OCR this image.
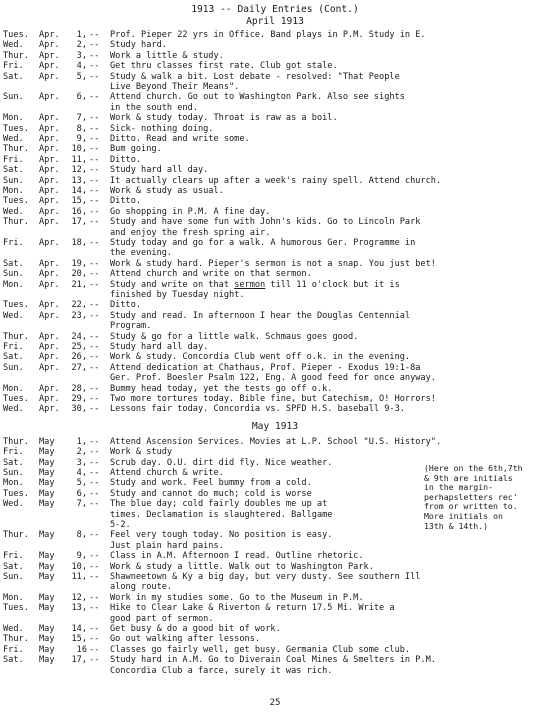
1913 -- Daily Entries (Cont.)
April 1913
Tues.	Apr.	1, --	Prof. Pieper 22 yrs in Office. Band plays in P.M. Study in E.
Wed.	Apr.	2, --	Study hard.
Thur.	Apr.	3, --	Work a little & study.
Fri.	Apr.	4, --	Get thru classes first rate. Club got stale.
Sat.	Apr.	5, --	Study & walk a bit. Lost debate - resolved: "That People
Live Beyond Their Means".
Sun.	Apr.	6, --	Attend church. Go out to Washington Park. Also see sights
in the south end.
Mon.	Apr.	7, --	Work & study today. Throat is raw as a boil.
Tues.	Apr.	8, --	Sick- nothing doing.
Wed.	Apr.	9, --	Ditto. Read and write some.
Thur.	Apr.	10, --	Bum going.
Fri.	Apr.	11, --	Ditto.
Sat.	Apr.	12, --	Study hard all day.
Sun.	Apr.	13, --	It actually clears up after a week's rainy spell. Attend church.
Mon.	Apr.	14, --	Work & study as usual.
Tues.	Apr.	15, --	Ditto.
Wed.	Apr.	16, --	Go shopping in P.M. A fine day.
Thur.	Apr.	17, --	Study and have some fun with John's kids. Go to Lincoln Park
and enjoy the fresh spring air.
Fri.	Apr.	18, --	Study today and go for a walk. A humorous Ger. Programme in
the evening.
Sat.	Apr.	19, --	Work & study hard. Pieper's sermon is not a snap. You just bet!
Sun.	Apr.	20, --	Attend church and write on that sermon.
Mon.	Apr.	21, --	Study and write on that sermon till 11 o'clock but it is
finished by Tuesday night.
Tues.	Apr.	22, --	Ditto.
Wed.	Apr.	23, --	Study and read. In afternoon I hear the Douglas Centennial
Program.
Thur.	Apr.	24, --	Study & go for a little walk. Schmaus goes good.
Fri.	Apr.	25, --	Study hard all day.
Sat.	Apr.	26, --	Work & study. Concordia Club went off o.k. in the evening.
Sun.	Apr.	27, --	Attend dedication at Chathaus, Prof. Pieper - Exodus 19:1-8a
Ger. Prof. Boesler Psalm 122, Eng. A good feed for once anyway.
Mon.	Apr.	28, --	Bummy head today, yet the tests go off o.k.
Tues.	Apr.	29, --	Two more tortures today. Bible fine, but Catechism, O! Horrors!
Wed.	Apr.	30, --	Lessons fair today. Concordia vs. SPFD H.S. baseball 9-3.
May 1913
Thur.	May	1, --	Attend Ascension Services. Movies at L.P. School "U.S. History".
Fri.	May	2, --	Work & study
Sat.	May	3, --	Scrub day. O.U. dirt did fly. Nice weather.
Sun.	May	4, --	Attend church & write.
Mon.	May	5, --	Study and work. Feel bummy from a cold.
Tues.	May	6, --	Study and cannot do much; cold is worse
Wed.	May	7, --	The blue day; cold fairly doubles me up at
times. Declamation is slaughtered. Ballgame
5-2.
Thur.	May	8, --	Feel very tough today. No position is easy.
Just plain hard pains.
Fri.	May	9, --	Class in A.M. Afternoon I read. Outline rhetoric.
Sat.	May	10, --	Work & study a little. Walk out to Washington Park.
Sun.	May	11, --	Shawneetown & Ky a big day, but very dusty. See southern Ill
along route.
Mon.	May	12, --	Work in my studies some. Go to the Museum in P.M.
Tues.	May	13, --	Hike to Clear Lake & Riverton & return 17.5 Mi. Write a
good part of sermon.
Wed.	May	14, --	Get busy & do a good bit of work.
Thur.	May	15, --	Go out walking after lessons.
Fri.	May	16 --	Classes go fairly well, get busy. Germania Club some club.
Sat.	May	17, --	Study hard in A.M. Go to Diverain Coal Mines & Smelters in P.M.
Concordia Club a farce, surely it was rich.
(Here on the 6th,7th
& 9th are initials
in the margin-
perhapsletters rec'
from or written to.
More initials on
13th & 14th.)
25
